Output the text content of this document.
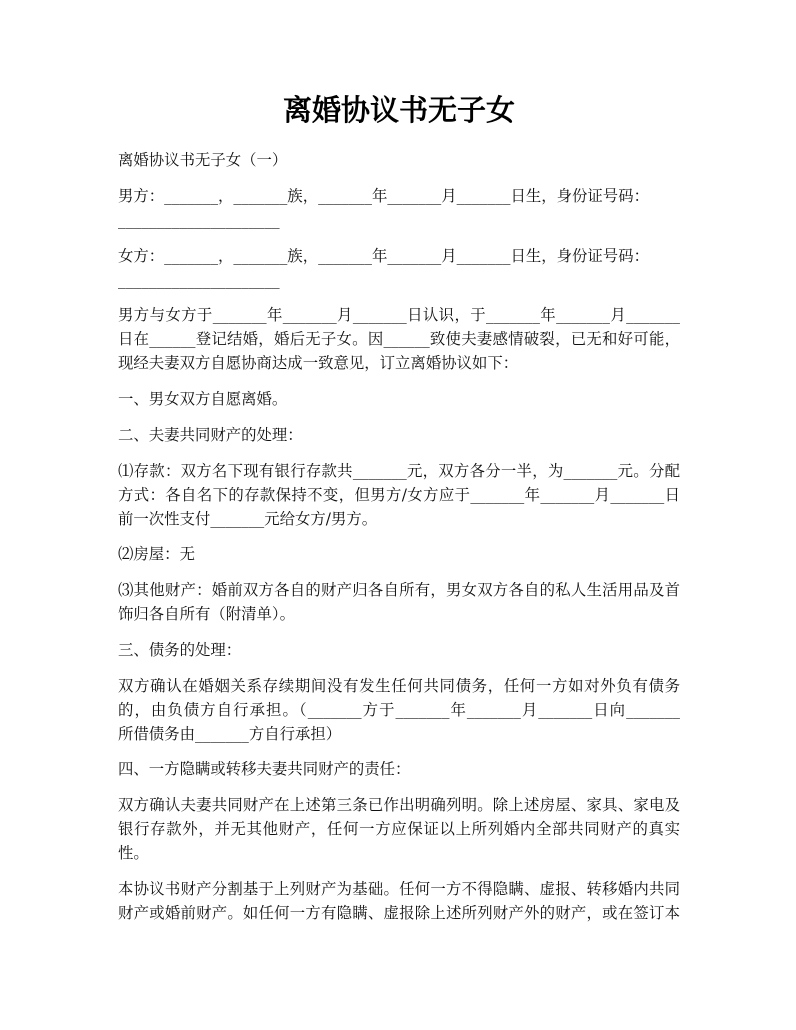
离婚协议书无子女
离婚协议书无子女（一）
男方：_______，_______族，_______年_______月_______日生，身份证号码：
_____________________
女方：_______，_______族，_______年_______月_______日生，身份证号码：
_____________________
男方与女方于_______年_______月_______日认识，于_______年_______月_______
日在______登记结婚，婚后无子女。因______致使夫妻感情破裂，已无和好可能，
现经夫妻双方自愿协商达成一致意见，订立离婚协议如下：
一、男女双方自愿离婚。
二、夫妻共同财产的处理：
⑴存款：双方名下现有银行存款共_______元，双方各分一半，为_______元。分配
方式：各自名下的存款保持不变，但男方/女方应于_______年_______月_______日
前一次性支付_______元给女方/男方。
⑵房屋：无
⑶其他财产：婚前双方各自的财产归各自所有，男女双方各自的私人生活用品及首
饰归各自所有（附清单）。
三、债务的处理：
双方确认在婚姻关系存续期间没有发生任何共同债务，任何一方如对外负有债务
的，由负债方自行承担。（_______方于_______年_______月_______日向_______
所借债务由_______方自行承担）
四、一方隐瞒或转移夫妻共同财产的责任：
双方确认夫妻共同财产在上述第三条已作出明确列明。除上述房屋、家具、家电及
银行存款外，并无其他财产，任何一方应保证以上所列婚内全部共同财产的真实
性。
本协议书财产分割基于上列财产为基础。任何一方不得隐瞒、虚报、转移婚内共同
财产或婚前财产。如任何一方有隐瞒、虚报除上述所列财产外的财产，或在签订本
